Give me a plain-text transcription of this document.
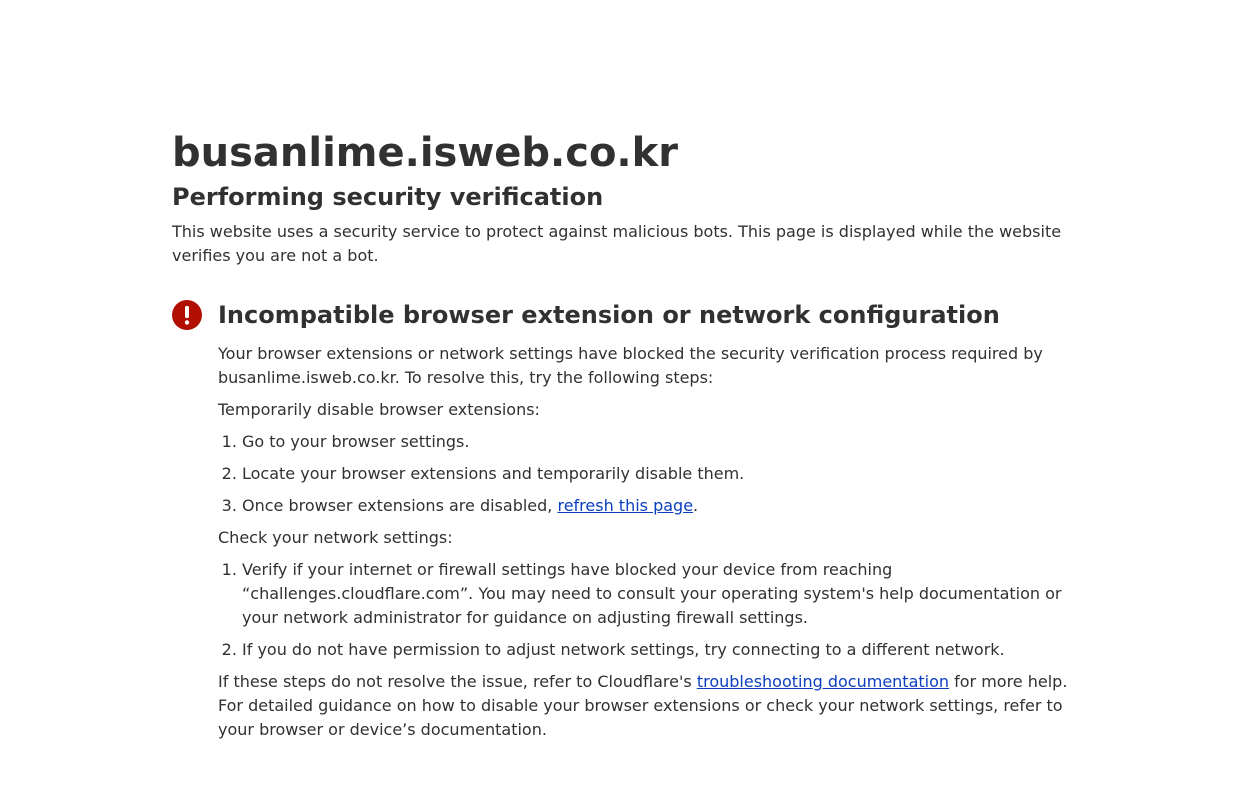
busanlime.isweb.co.kr
Performing security verification

This website uses a security service to protect against malicious bots. This page is displayed while the website verifies you are not a bot.

Incompatible browser extension or network configuration

Your browser extensions or network settings have blocked the security verification process required by busanlime.isweb.co.kr. To resolve this, try the following steps:

Temporarily disable browser extensions:

1. Go to your browser settings.
2. Locate your browser extensions and temporarily disable them.
3. Once browser extensions are disabled, refresh this page.

Check your network settings:

1. Verify if your internet or firewall settings have blocked your device from reaching “challenges.cloudflare.com”. You may need to consult your operating system's help documentation or your network administrator for guidance on adjusting firewall settings.
2. If you do not have permission to adjust network settings, try connecting to a different network.

If these steps do not resolve the issue, refer to Cloudflare's troubleshooting documentation for more help. For detailed guidance on how to disable your browser extensions or check your network settings, refer to your browser or device’s documentation.
